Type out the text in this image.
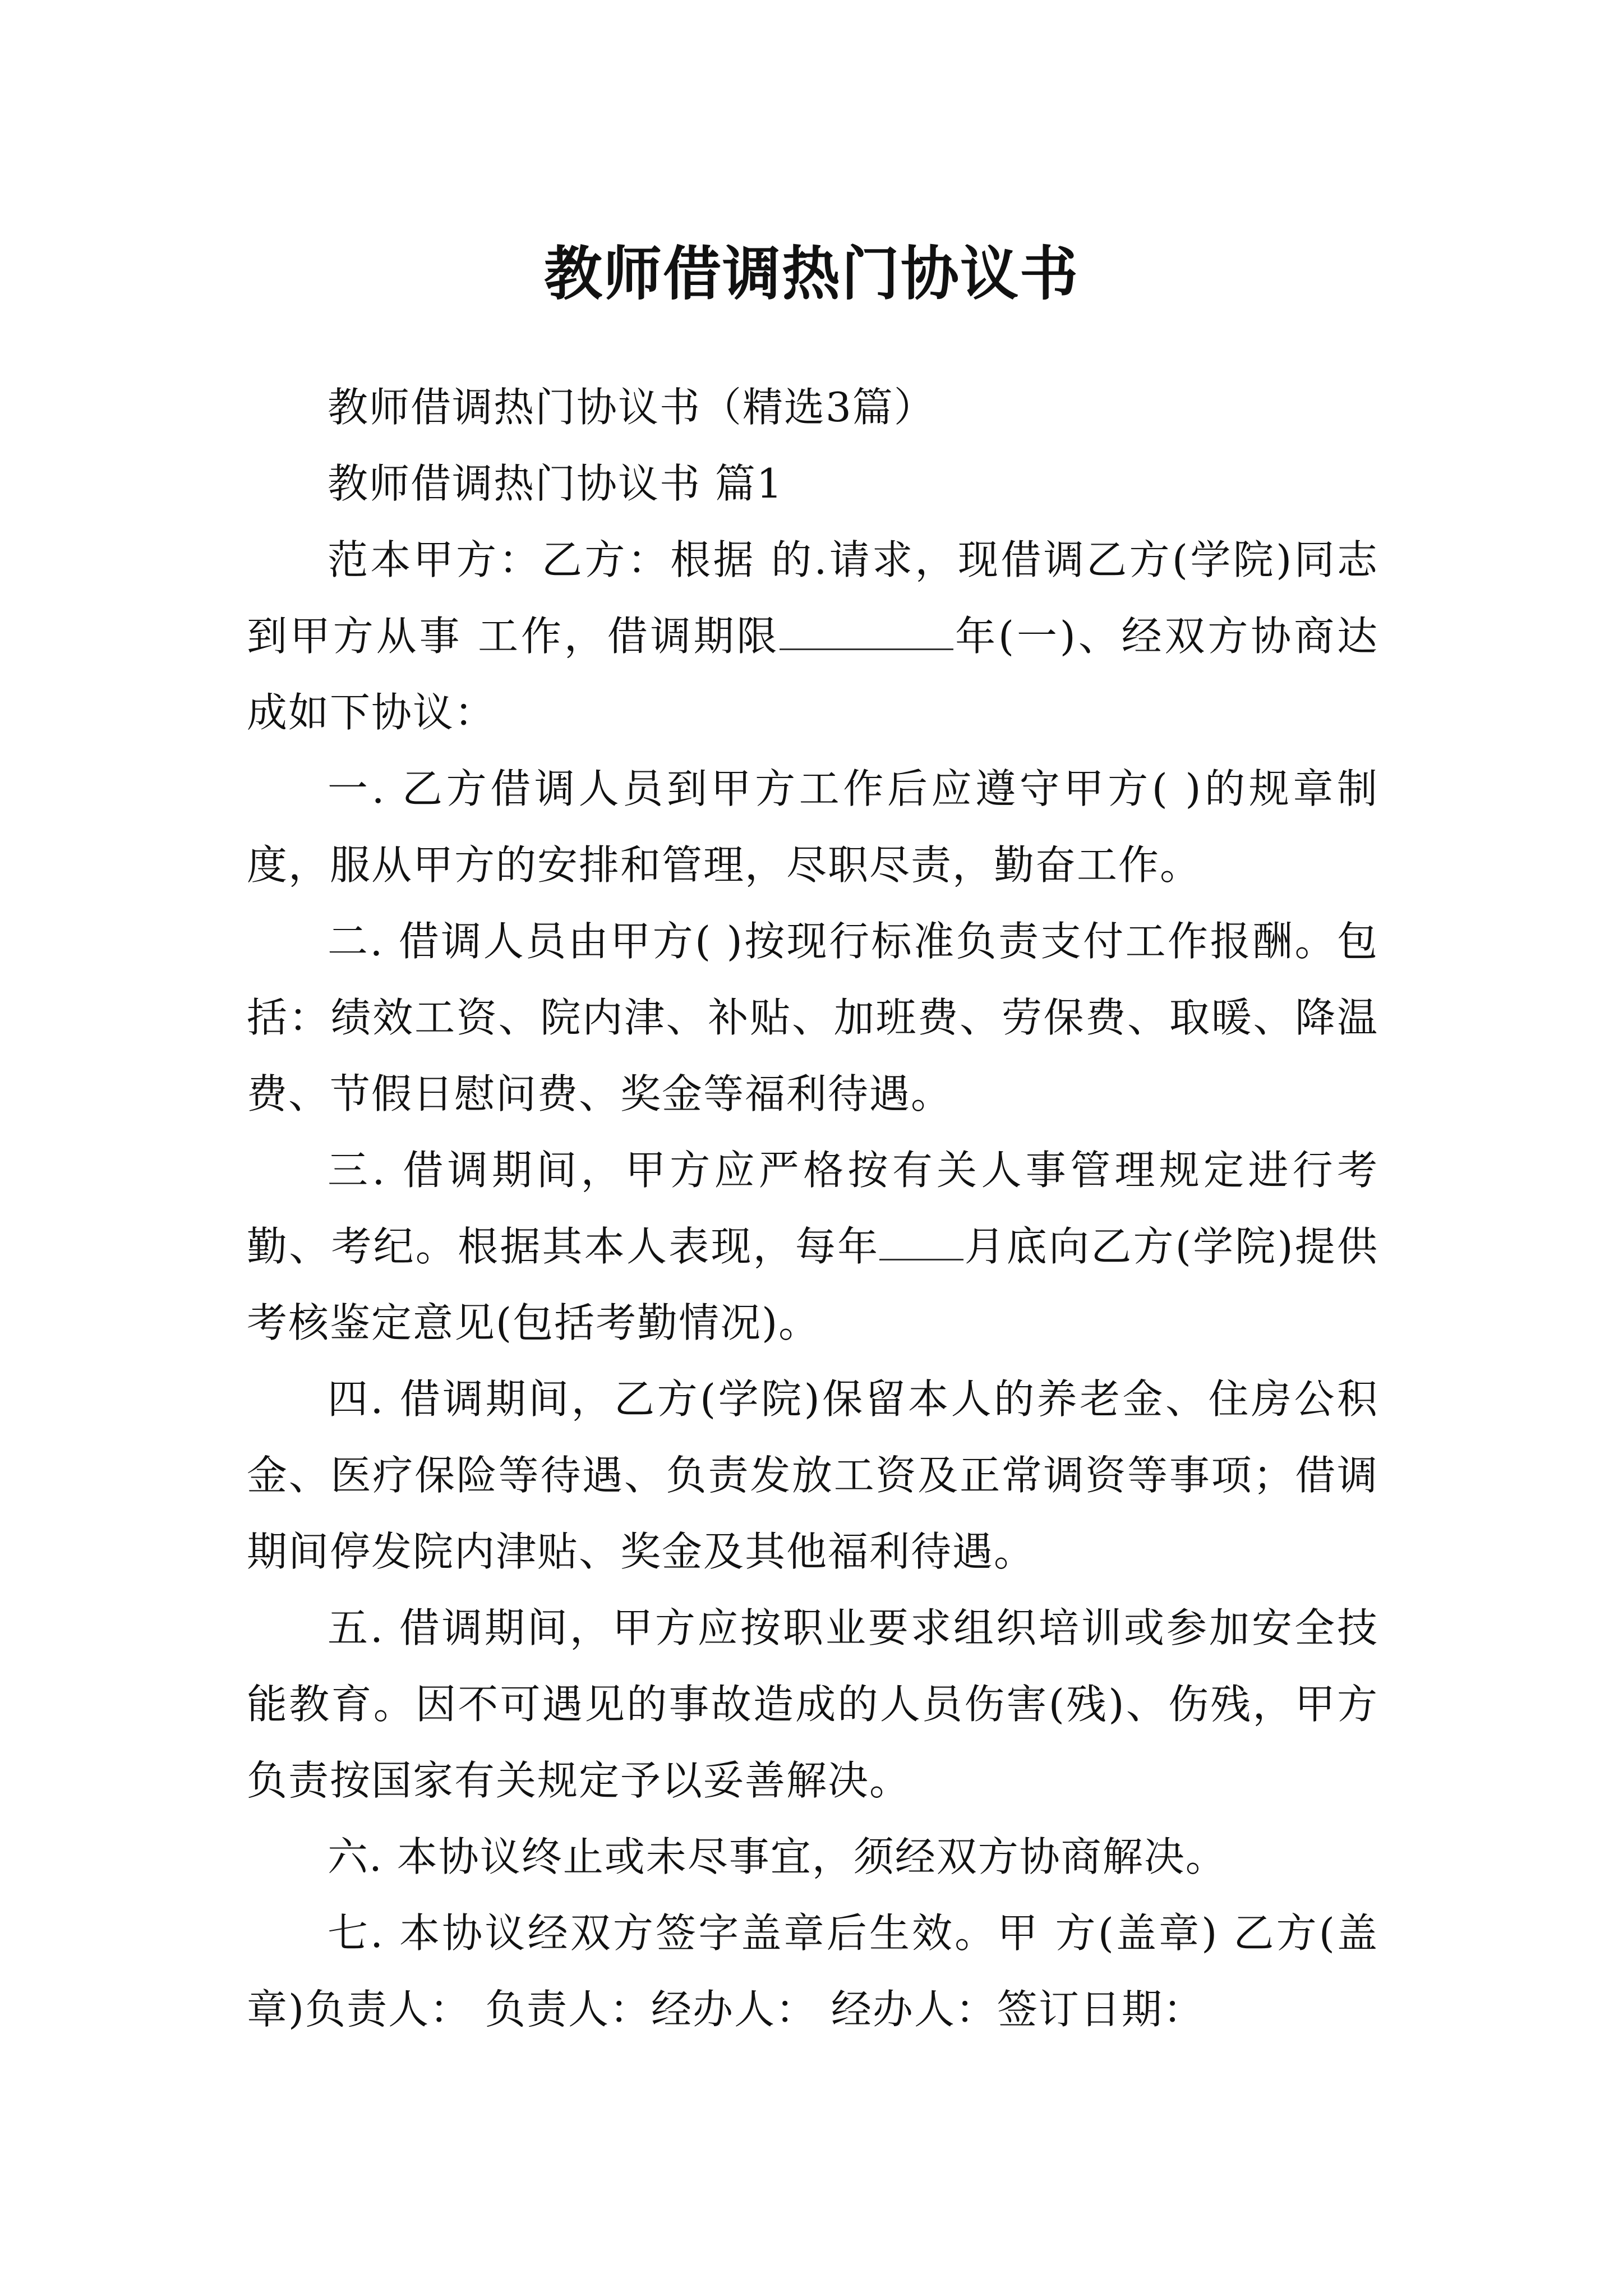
教师借调热门协议书

教师借调热门协议书（精选3篇）

教师借调热门协议书 篇1

范本甲方：乙方：根据 的.请求，现借调乙方(学院)同志到甲方从事 工作，借调期限	年(一)、经双方协商达成如下协议：

一. 乙方借调人员到甲方工作后应遵守甲方( )的规章制度，服从甲方的安排和管理，尽职尽责，勤奋工作。

二. 借调人员由甲方( )按现行标准负责支付工作报酬。包括：绩效工资、院内津、补贴、加班费、劳保费、取暖、降温费、节假日慰问费、奖金等福利待遇。

三. 借调期间，甲方应严格按有关人事管理规定进行考勤、考纪。根据其本人表现，每年 月底向乙方(学院)提供考核鉴定意见(包括考勤情况)。

四. 借调期间，乙方(学院)保留本人的养老金、住房公积金、医疗保险等待遇、负责发放工资及正常调资等事项；借调期间停发院内津贴、奖金及其他福利待遇。

五. 借调期间，甲方应按职业要求组织培训或参加安全技能教育。因不可遇见的事故造成的人员伤害(残)、伤残，甲方负责按国家有关规定予以妥善解决。

六. 本协议终止或未尽事宜，须经双方协商解决。

七. 本协议经双方签字盖章后生效。甲 方(盖章) 乙方(盖章)负责人： 负责人：经办人： 经办人：签订日期：
